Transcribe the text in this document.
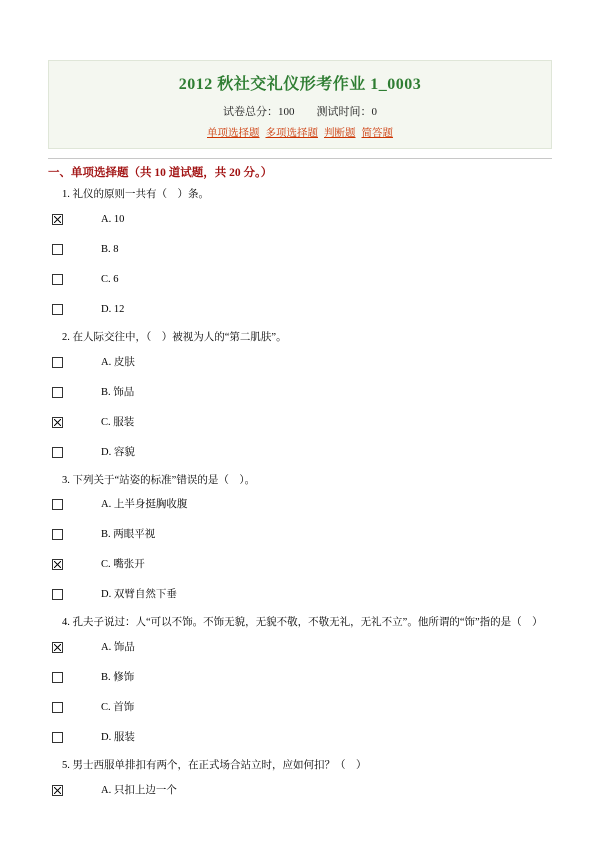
2012 秋社交礼仪形考作业 1_0003
试卷总分：100 测试时间：0
单项选择题 多项选择题 判断题 简答题
一、单项选择题（共 10 道试题，共 20 分。）
1. 礼仪的原则一共有（　）条。
A. 10
B. 8
C. 6
D. 12
2. 在人际交往中，（　）被视为人的“第二肌肤”。
A. 皮肤
B. 饰品
C. 服装
D. 容貌
3. 下列关于“站姿的标准”错误的是（　）。
A. 上半身挺胸收腹
B. 两眼平视
C. 嘴张开
D. 双臂自然下垂
4. 孔夫子说过：人“可以不饰。不饰无貌，无貌不敬，不敬无礼，无礼不立”。他所谓的“饰”指的是（　）
A. 饰品
B. 修饰
C. 首饰
D. 服装
5. 男士西服单排扣有两个，在正式场合站立时，应如何扣？（　）
A. 只扣上边一个
